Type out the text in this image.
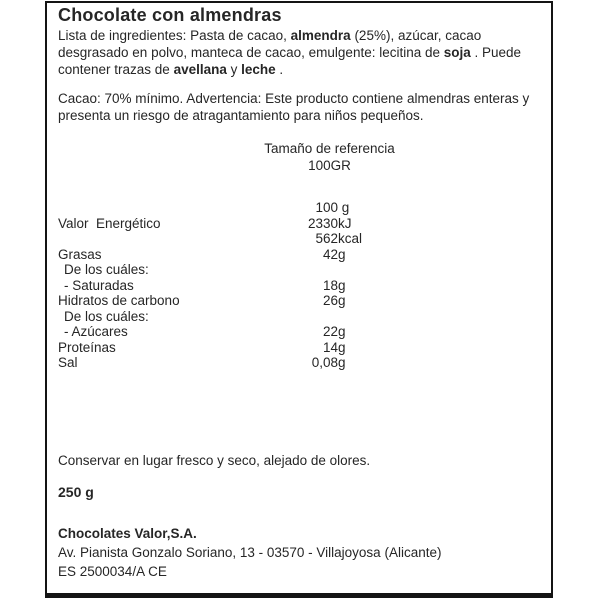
Chocolate con almendras

Lista de ingredientes: Pasta de cacao, almendra (25%), azúcar, cacao desgrasado en polvo, manteca de cacao, emulgente: lecitina de soja . Puede contener trazas de avellana y leche .

Cacao: 70% mínimo. Advertencia: Este producto contiene almendras enteras y presenta un riesgo de atragantamiento para niños pequeños.

Tamaño de referencia
100GR
100 g
Valor  Energético	2330 kJ
562 kcal
Grasas	42 g
De los cuáles:
- Saturadas	18 g
Hidratos de carbono	26 g
De los cuáles:
- Azúcares	22 g
Proteínas	14 g
Sal	0,08 g

Conservar en lugar fresco y seco, alejado de olores.

250 g

Chocolates Valor,S.A.
Av. Pianista Gonzalo Soriano, 13 - 03570 - Villajoyosa (Alicante)
ES 2500034/A CE
